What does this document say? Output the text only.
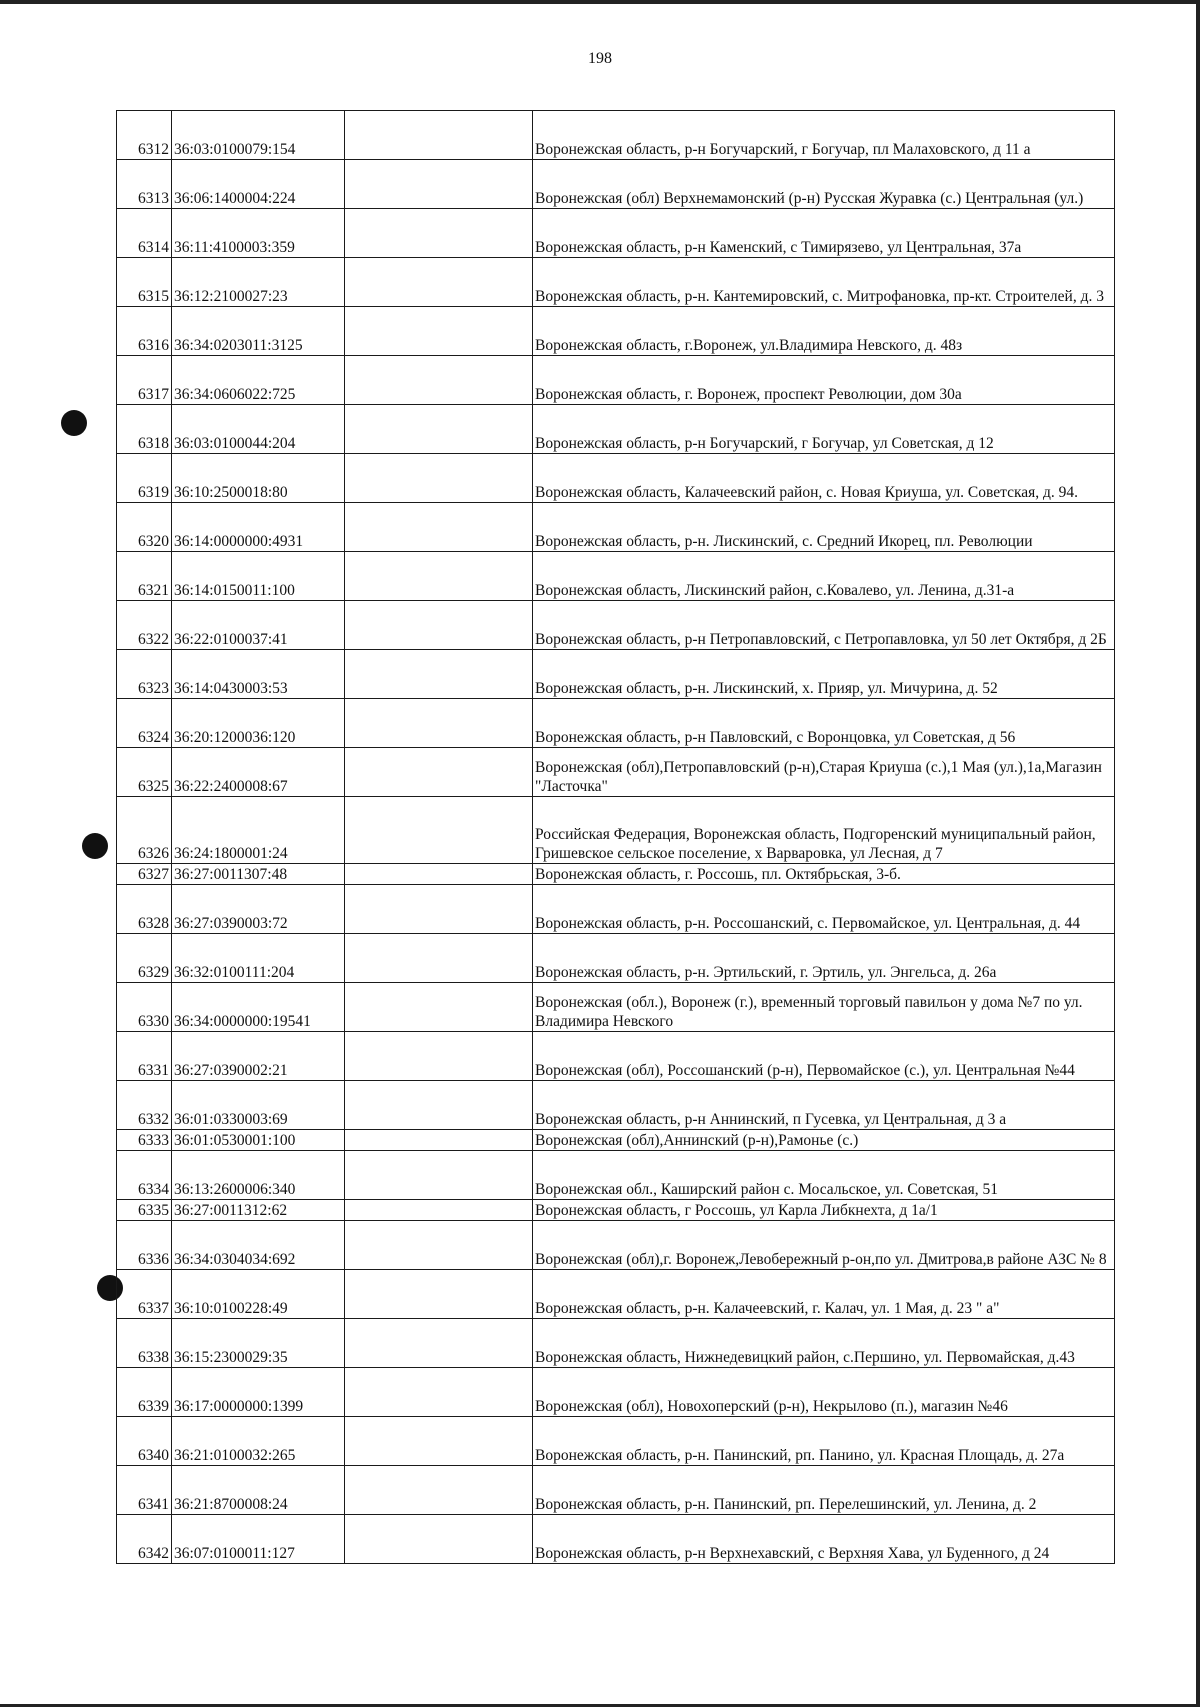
198
6312	36:03:0100079:154		Воронежская область, р-н Богучарский, г Богучар, пл Малаховского, д 11 а
6313	36:06:1400004:224		Воронежская (обл) Верхнемамонский (р-н) Русская Журавка (с.) Центральная (ул.)
6314	36:11:4100003:359		Воронежская область, р-н Каменский, с Тимирязево, ул Центральная, 37а
6315	36:12:2100027:23		Воронежская область, р-н. Кантемировский, с. Митрофановка, пр-кт. Строителей, д. 3
6316	36:34:0203011:3125		Воронежская область, г.Воронеж, ул.Владимира Невского, д. 48з
6317	36:34:0606022:725		Воронежская область, г. Воронеж, проспект Революции, дом 30а
6318	36:03:0100044:204		Воронежская область, р-н Богучарский, г Богучар, ул Советская, д 12
6319	36:10:2500018:80		Воронежская область, Калачеевский район, с. Новая Криуша, ул. Советская, д. 94.
6320	36:14:0000000:4931		Воронежская область, р-н. Лискинский, с. Средний Икорец, пл. Революции
6321	36:14:0150011:100		Воронежская область, Лискинский район, с.Ковалево, ул. Ленина, д.31-а
6322	36:22:0100037:41		Воронежская область, р-н Петропавловский, с Петропавловка, ул 50 лет Октября, д 2Б
6323	36:14:0430003:53		Воронежская область, р-н. Лискинский, х. Прияр, ул. Мичурина, д. 52
6324	36:20:1200036:120		Воронежская область, р-н Павловский, с Воронцовка, ул Советская, д 56
6325	36:22:2400008:67		Воронежская (обл),Петропавловский (р-н),Старая Криуша (с.),1 Мая (ул.),1а,Магазин "Ласточка"
6326	36:24:1800001:24		Российская Федерация, Воронежская область, Подгоренский муниципальный район, Гришевское сельское поселение, х Варваровка, ул Лесная, д 7
6327	36:27:0011307:48		Воронежская область, г. Россошь, пл. Октябрьская, 3-б.
6328	36:27:0390003:72		Воронежская область, р-н. Россошанский, с. Первомайское, ул. Центральная, д. 44
6329	36:32:0100111:204		Воронежская область, р-н. Эртильский, г. Эртиль, ул. Энгельса, д. 26а
6330	36:34:0000000:19541		Воронежская (обл.), Воронеж (г.), временный торговый павильон у дома №7 по ул. Владимира Невского
6331	36:27:0390002:21		Воронежская (обл), Россошанский (р-н), Первомайское (с.), ул. Центральная №44
6332	36:01:0330003:69		Воронежская область, р-н Аннинский, п Гусевка, ул Центральная, д 3 а
6333	36:01:0530001:100		Воронежская (обл),Аннинский (р-н),Рамонье (с.)
6334	36:13:2600006:340		Воронежская обл., Каширский район с. Мосальское, ул. Советская, 51
6335	36:27:0011312:62		Воронежская область, г Россошь, ул Карла Либкнехта, д 1а/1
6336	36:34:0304034:692		Воронежская (обл),г. Воронеж,Левобережный р-он,по ул. Дмитрова,в районе АЗС № 8
6337	36:10:0100228:49		Воронежская область, р-н. Калачеевский, г. Калач, ул. 1 Мая, д. 23 " а"
6338	36:15:2300029:35		Воронежская область, Нижнедевицкий район, с.Першино, ул. Первомайская, д.43
6339	36:17:0000000:1399		Воронежская (обл), Новохоперский (р-н), Некрылово (п.), магазин №46
6340	36:21:0100032:265		Воронежская область, р-н. Панинский, рп. Панино, ул. Красная Площадь, д. 27а
6341	36:21:8700008:24		Воронежская область, р-н. Панинский, рп. Перелешинский, ул. Ленина, д. 2
6342	36:07:0100011:127		Воронежская область, р-н Верхнехавский, с Верхняя Хава, ул Буденного, д 24
